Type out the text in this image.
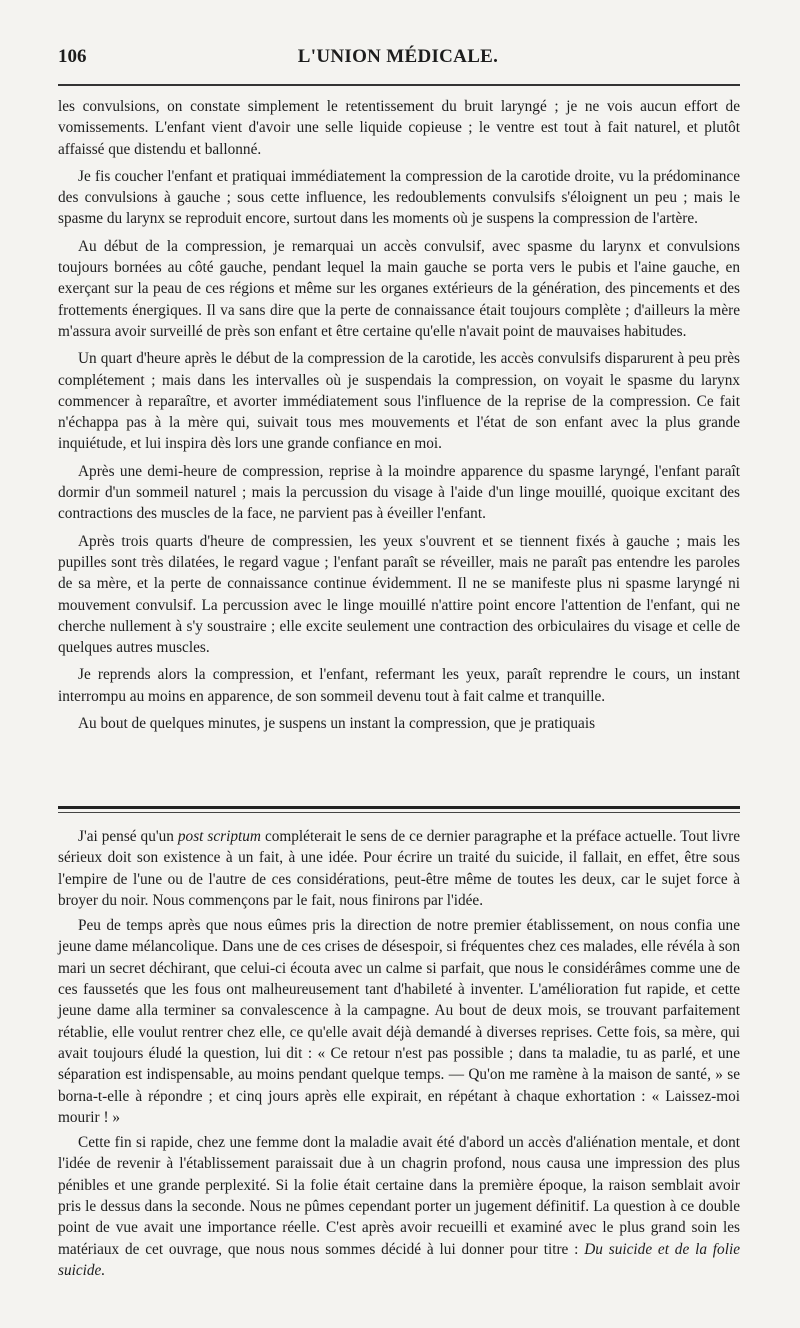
106	L'UNION MÉDICALE.

les convulsions, on constate simplement le retentissement du bruit laryngé ; je ne vois aucun effort de vomissements. L'enfant vient d'avoir une selle liquide copieuse ; le ventre est tout à fait naturel, et plutôt affaissé que distendu et ballonné.

Je fis coucher l'enfant et pratiquai immédiatement la compression de la carotide droite, vu la prédominance des convulsions à gauche ; sous cette influence, les redoublements convulsifs s'éloignent un peu ; mais le spasme du larynx se reproduit encore, surtout dans les moments où je suspens la compression de l'artère.

Au début de la compression, je remarquai un accès convulsif, avec spasme du larynx et convulsions toujours bornées au côté gauche, pendant lequel la main gauche se porta vers le pubis et l'aine gauche, en exerçant sur la peau de ces régions et même sur les organes extérieurs de la génération, des pincements et des frottements énergiques. Il va sans dire que la perte de connaissance était toujours complète ; d'ailleurs la mère m'assura avoir surveillé de près son enfant et être certaine qu'elle n'avait point de mauvaises habitudes.

Un quart d'heure après le début de la compression de la carotide, les accès convulsifs disparurent à peu près complétement ; mais dans les intervalles où je suspendais la compression, on voyait le spasme du larynx commencer à reparaître, et avorter immédiatement sous l'influence de la reprise de la compression. Ce fait n'échappa pas à la mère qui, suivait tous mes mouvements et l'état de son enfant avec la plus grande inquiétude, et lui inspira dès lors une grande confiance en moi.

Après une demi-heure de compression, reprise à la moindre apparence du spasme laryngé, l'enfant paraît dormir d'un sommeil naturel ; mais la percussion du visage à l'aide d'un linge mouillé, quoique excitant des contractions des muscles de la face, ne parvient pas à éveiller l'enfant.

Après trois quarts d'heure de compressien, les yeux s'ouvrent et se tiennent fixés à gauche ; mais les pupilles sont très dilatées, le regard vague ; l'enfant paraît se réveiller, mais ne paraît pas entendre les paroles de sa mère, et la perte de connaissance continue évidemment. Il ne se manifeste plus ni spasme laryngé ni mouvement convulsif. La percussion avec le linge mouillé n'attire point encore l'attention de l'enfant, qui ne cherche nullement à s'y soustraire ; elle excite seulement une contraction des orbiculaires du visage et celle de quelques autres muscles.

Je reprends alors la compression, et l'enfant, refermant les yeux, paraît reprendre le cours, un instant interrompu au moins en apparence, de son sommeil devenu tout à fait calme et tranquille.

Au bout de quelques minutes, je suspens un instant la compression, que je pratiquais

J'ai pensé qu'un post scriptum compléterait le sens de ce dernier paragraphe et la préface actuelle. Tout livre sérieux doit son existence à un fait, à une idée. Pour écrire un traité du suicide, il fallait, en effet, être sous l'empire de l'une ou de l'autre de ces considérations, peut-être même de toutes les deux, car le sujet force à broyer du noir. Nous commençons par le fait, nous finirons par l'idée.

Peu de temps après que nous eûmes pris la direction de notre premier établissement, on nous confia une jeune dame mélancolique. Dans une de ces crises de désespoir, si fréquentes chez ces malades, elle révéla à son mari un secret déchirant, que celui-ci écouta avec un calme si parfait, que nous le considérâmes comme une de ces faussetés que les fous ont malheureusement tant d'habileté à inventer. L'amélioration fut rapide, et cette jeune dame alla terminer sa convalescence à la campagne. Au bout de deux mois, se trouvant parfaitement rétablie, elle voulut rentrer chez elle, ce qu'elle avait déjà demandé à diverses reprises. Cette fois, sa mère, qui avait toujours éludé la question, lui dit : « Ce retour n'est pas possible ; dans ta maladie, tu as parlé, et une séparation est indispensable, au moins pendant quelque temps. — Qu'on me ramène à la maison de santé, » se borna-t-elle à répondre ; et cinq jours après elle expirait, en répétant à chaque exhortation : « Laissez-moi mourir ! »

Cette fin si rapide, chez une femme dont la maladie avait été d'abord un accès d'aliénation mentale, et dont l'idée de revenir à l'établissement paraissait due à un chagrin profond, nous causa une impression des plus pénibles et une grande perplexité. Si la folie était certaine dans la première époque, la raison semblait avoir pris le dessus dans la seconde. Nous ne pûmes cependant porter un jugement définitif. La question à ce double point de vue avait une importance réelle. C'est après avoir recueilli et examiné avec le plus grand soin les matériaux de cet ouvrage, que nous nous sommes décidé à lui donner pour titre : Du suicide et de la folie suicide.
